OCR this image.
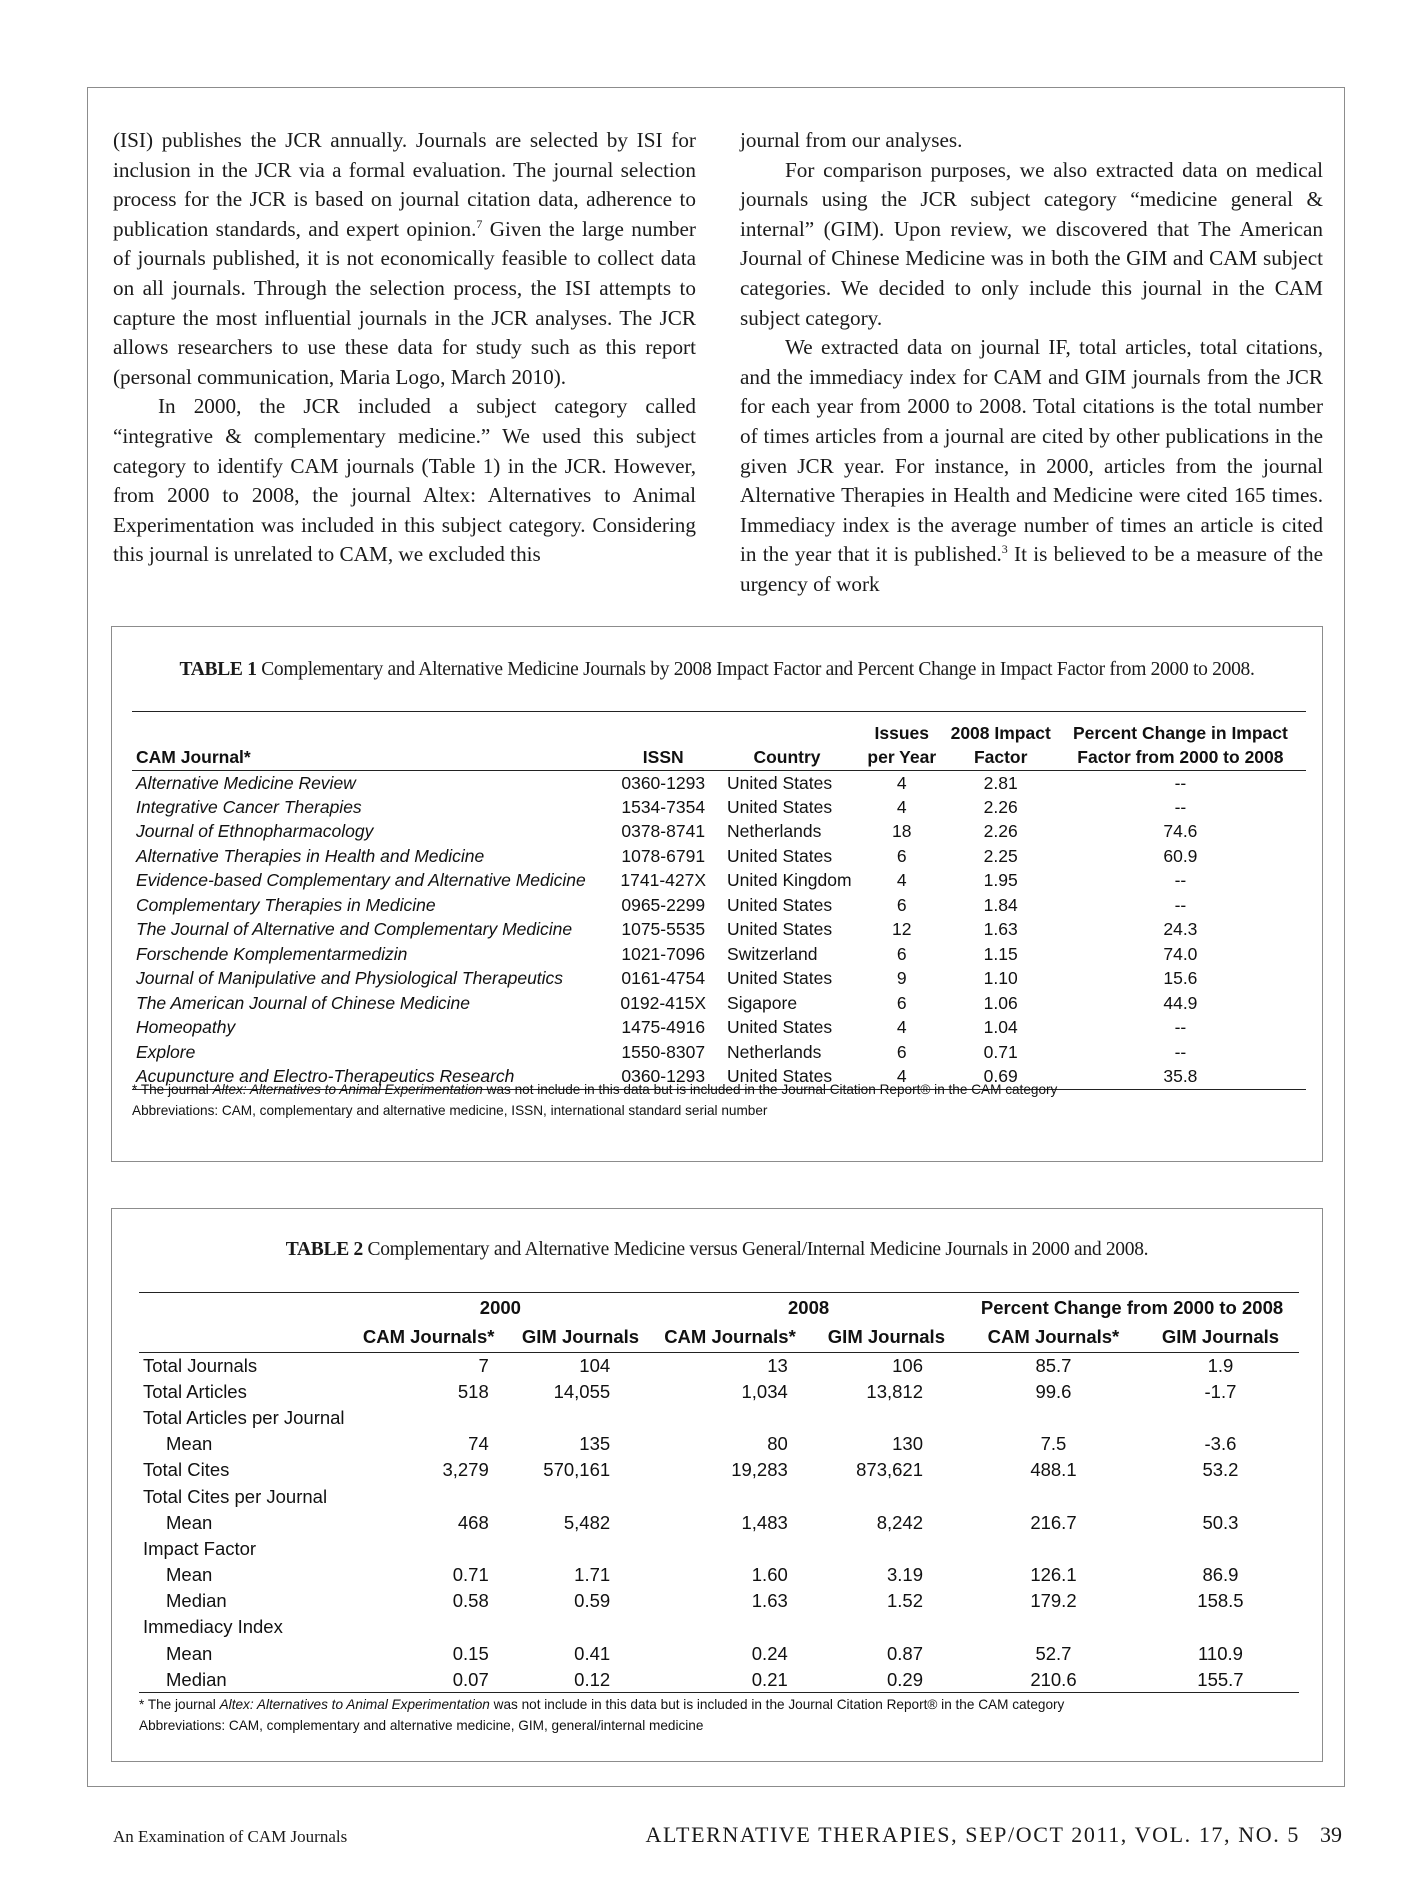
(ISI) publishes the JCR annually. Journals are selected by ISI for inclusion in the JCR via a formal evaluation. The journal selection process for the JCR is based on journal citation data, adherence to publication standards, and expert opinion.$^7$ Given the large number of journals published, it is not economically feasible to collect data on all journals. Through the selection process, the ISI attempts to capture the most influential journals in the JCR analyses. The JCR allows researchers to use these data for study such as this report (personal communication, Maria Logo, March 2010).

In 2000, the JCR included a subject category called “integrative & complementary medicine.” We used this subject category to identify CAM journals (Table 1) in the JCR. However, from 2000 to 2008, the journal Altex: Alternatives to Animal Experimentation was included in this subject category. Considering this journal is unrelated to CAM, we excluded this

journal from our analyses.

For comparison purposes, we also extracted data on medical journals using the JCR subject category “medicine general & internal” (GIM). Upon review, we discovered that The American Journal of Chinese Medicine was in both the GIM and CAM subject categories. We decided to only include this journal in the CAM subject category.

We extracted data on journal IF, total articles, total citations, and the immediacy index for CAM and GIM journals from the JCR for each year from 2000 to 2008. Total citations is the total number of times articles from a journal are cited by other publications in the given JCR year. For instance, in 2000, articles from the journal Alternative Therapies in Health and Medicine were cited 165 times. Immediacy index is the average number of times an article is cited in the year that it is published.$^3$ It is believed to be a measure of the urgency of work

TABLE 1 Complementary and Alternative Medicine Journals by 2008 Impact Factor and Percent Change in Impact Factor from 2000 to 2008.
			Issues	2008 Impact	Percent Change in Impact
CAM Journal*	ISSN	Country	per Year	Factor	Factor from 2000 to 2008
Alternative Medicine Review	0360-1293	United States	4	2.81	--
Integrative Cancer Therapies	1534-7354	United States	4	2.26	--
Journal of Ethnopharmacology	0378-8741	Netherlands	18	2.26	74.6
Alternative Therapies in Health and Medicine	1078-6791	United States	6	2.25	60.9
Evidence-based Complementary and Alternative Medicine	1741-427X	United Kingdom	4	1.95	--
Complementary Therapies in Medicine	0965-2299	United States	6	1.84	--
The Journal of Alternative and Complementary Medicine	1075-5535	United States	12	1.63	24.3
Forschende Komplementarmedizin	1021-7096	Switzerland	6	1.15	74.0
Journal of Manipulative and Physiological Therapeutics	0161-4754	United States	9	1.10	15.6
The American Journal of Chinese Medicine	0192-415X	Sigapore	6	1.06	44.9
Homeopathy	1475-4916	United States	4	1.04	--
Explore	1550-8307	Netherlands	6	0.71	--
Acupuncture and Electro-Therapeutics Research	0360-1293	United States	4	0.69	35.8
* The journal Altex: Alternatives to Animal Experimentation was not include in this data but is included in the Journal Citation Report® in the CAM category
Abbreviations: CAM, complementary and alternative medicine, ISSN, international standard serial number
TABLE 2 Complementary and Alternative Medicine versus General/Internal Medicine Journals in 2000 and 2008.
	2000		2008		Percent Change from 2000 to 2008	
	CAM Journals*	GIM Journals	CAM Journals*	GIM Journals	CAM Journals*	GIM Journals
Total Journals	7	104	13	106	85.7	1.9
Total Articles	518	14,055	1,034	13,812	99.6	-1.7
Total Articles per Journal						
Mean	74	135	80	130	7.5	-3.6
Total Cites	3,279	570,161	19,283	873,621	488.1	53.2
Total Cites per Journal						
Mean	468	5,482	1,483	8,242	216.7	50.3
Impact Factor						
Mean	0.71	1.71	1.60	3.19	126.1	86.9
Median	0.58	0.59	1.63	1.52	179.2	158.5
Immediacy Index						
Mean	0.15	0.41	0.24	0.87	52.7	110.9
Median	0.07	0.12	0.21	0.29	210.6	155.7
* The journal Altex: Alternatives to Animal Experimentation was not include in this data but is included in the Journal Citation Report® in the CAM category
Abbreviations: CAM, complementary and alternative medicine, GIM, general/internal medicine
An Examination of CAM Journals	ALTERNATIVE THERAPIES, SEP/OCT 2011, VOL. 17, NO. 5 39
